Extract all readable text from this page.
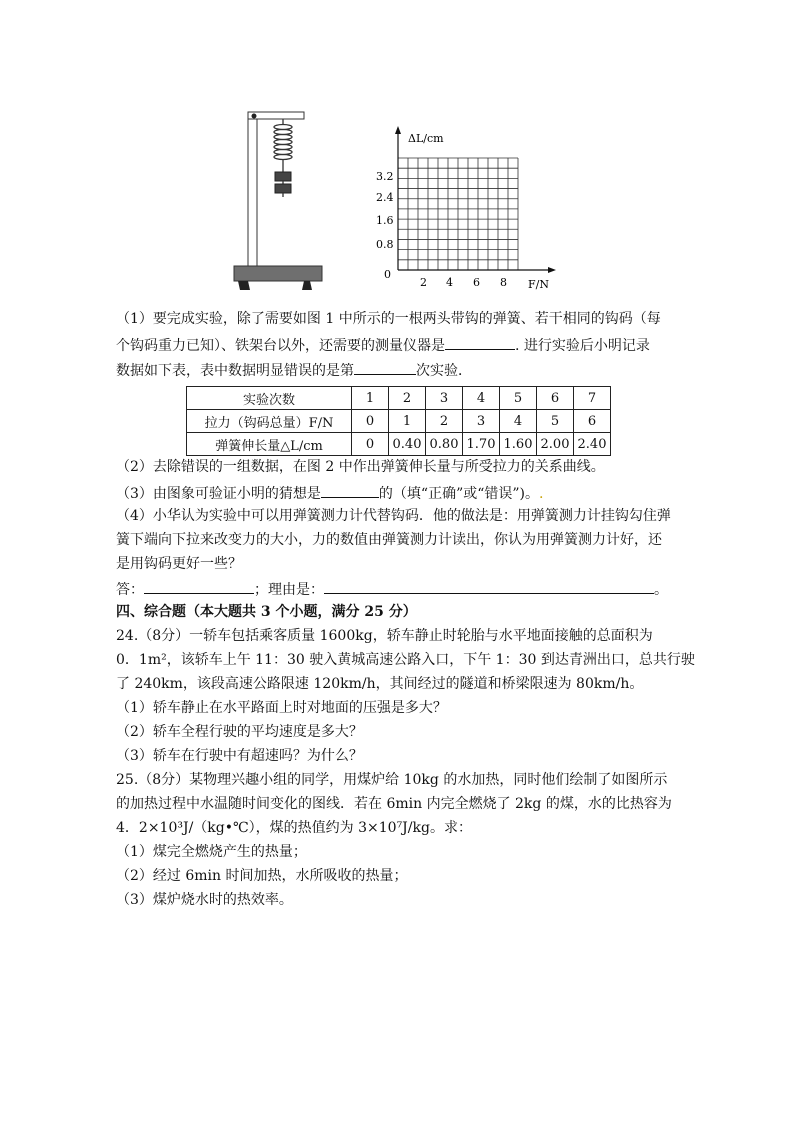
ΔL/cm
F/N
0
3.2
2.4
1.6
0.8
2 4 6 8
（1）要完成实验，除了需要如图 1 中所示的一根两头带钩的弹簧、若干相同的钩码（每
个钩码重力已知）、铁架台以外，还需要的测量仪器是	. 进行实验后小明记录
数据如下表，表中数据明显错误的是第	次实验．
实验次数	1	2	3	4	5	6	7
拉力（钩码总量）F/N	0	1	2	3	4	5	6
弹簧伸长量△L/cm	0	0.40	0.80	1.70	1.60	2.00	2.40
（2）去除错误的一组数据，在图 2 中作出弹簧伸长量与所受拉力的关系曲线。
（3）由图象可验证小明的猜想是	的（填“正确”或“错误”)。.
（4）小华认为实验中可以用弹簧测力计代替钩码．他的做法是：用弹簧测力计挂钩勾住弹
簧下端向下拉来改变力的大小，力的数值由弹簧测力计读出，你认为用弹簧测力计好，还
是用钩码更好一些？
答：	；理由是：	。
四、综合题（本大题共 3 个小题，满分 25 分）
24.（8分）一轿车包括乘客质量 1600kg，轿车静止时轮胎与水平地面接触的总面积为
0．1m²，该轿车上午 11：30 驶入黄城高速公路入口，下午 1：30 到达青洲出口，总共行驶
了 240km，该段高速公路限速 120km/h，其间经过的隧道和桥梁限速为 80km/h。
（1）轿车静止在水平路面上时对地面的压强是多大？
（2）轿车全程行驶的平均速度是多大？
（3）轿车在行驶中有超速吗？为什么？
25.（8分）某物理兴趣小组的同学，用煤炉给 10kg 的水加热，同时他们绘制了如图所示
的加热过程中水温随时间变化的图线．若在 6min 内完全燃烧了 2kg 的煤，水的比热容为
4．2×10³J/（kg•℃），煤的热值约为 3×10⁷J/kg。求：
（1）煤完全燃烧产生的热量；
（2）经过 6min 时间加热，水所吸收的热量；
（3）煤炉烧水时的热效率。
